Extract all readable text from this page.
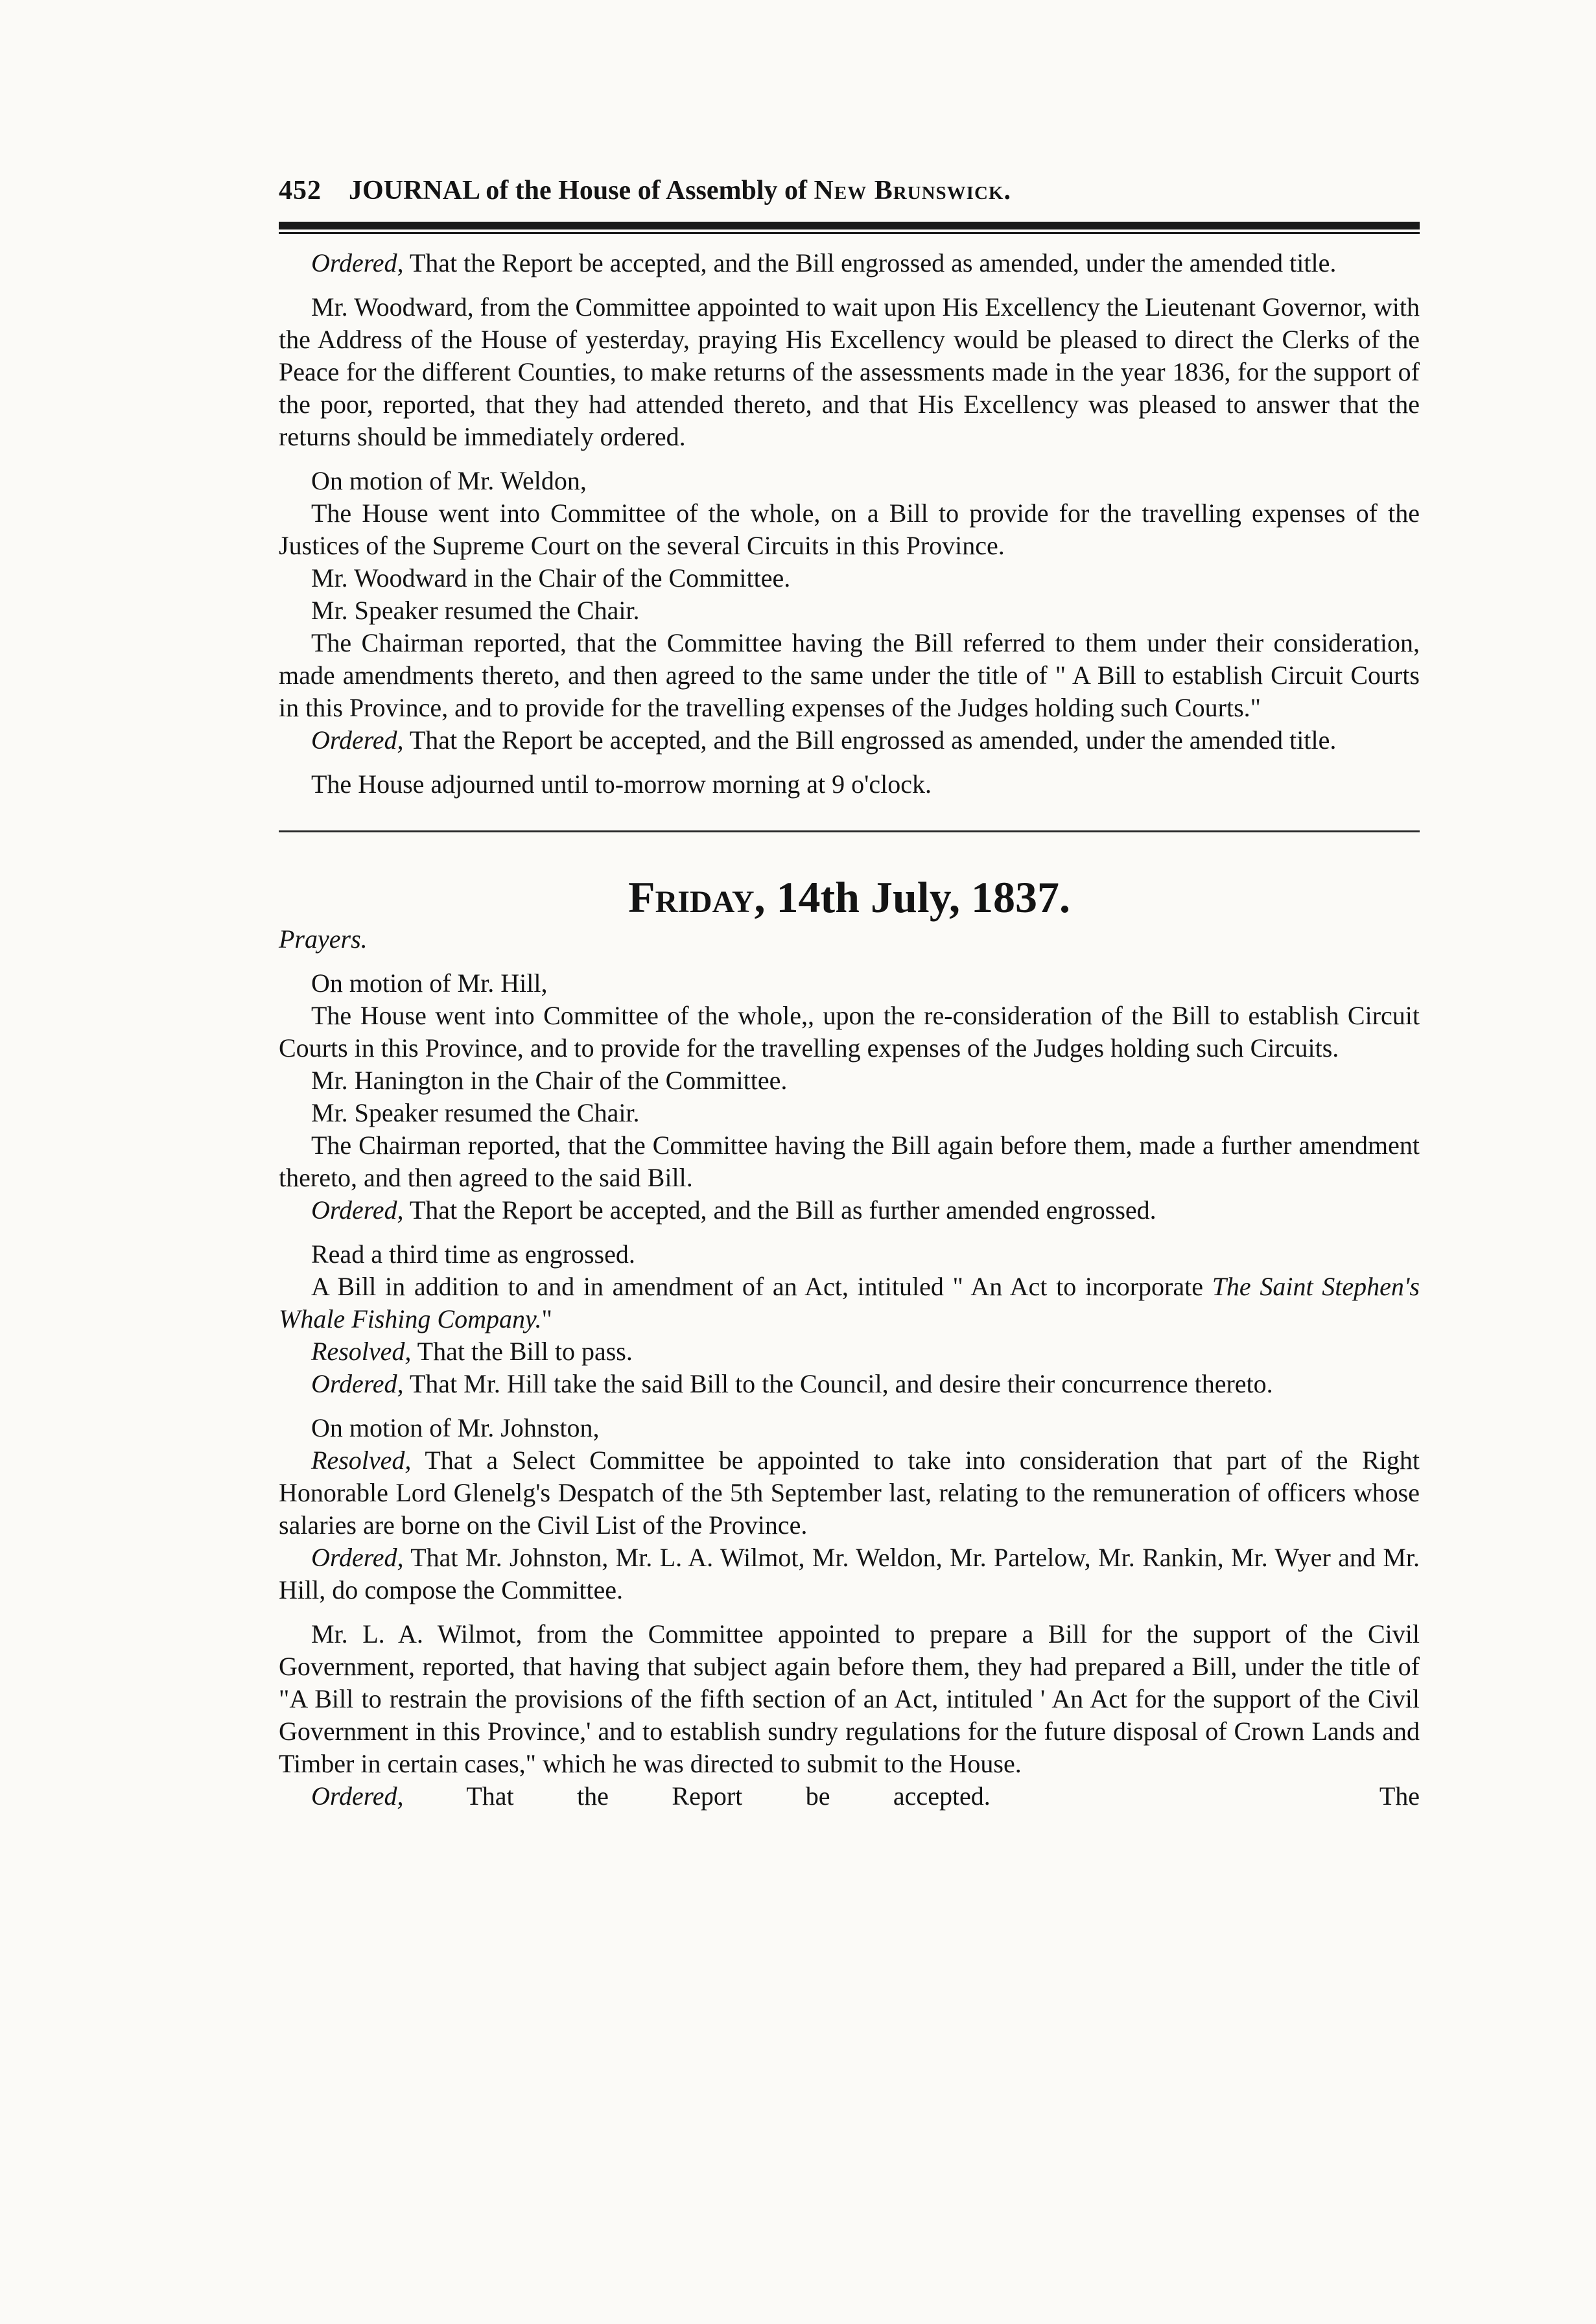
452 JOURNAL of the House of Assembly of New Brunswick.

Ordered, That the Report be accepted, and the Bill engrossed as amended, under the amended title.

Mr. Woodward, from the Committee appointed to wait upon His Excellency the Lieutenant Governor, with the Address of the House of yesterday, praying His Excellency would be pleased to direct the Clerks of the Peace for the different Counties, to make returns of the assessments made in the year 1836, for the support of the poor, reported, that they had attended thereto, and that His Excellency was pleased to answer that the returns should be immediately ordered.

On motion of Mr. Weldon,

The House went into Committee of the whole, on a Bill to provide for the travelling expenses of the Justices of the Supreme Court on the several Circuits in this Province.

Mr. Woodward in the Chair of the Committee.

Mr. Speaker resumed the Chair.

The Chairman reported, that the Committee having the Bill referred to them under their consideration, made amendments thereto, and then agreed to the same under the title of " A Bill to establish Circuit Courts in this Province, and to provide for the travelling expenses of the Judges holding such Courts."

Ordered, That the Report be accepted, and the Bill engrossed as amended, under the amended title.

The House adjourned until to-morrow morning at 9 o'clock.

Friday, 14th July, 1837.
Prayers.

On motion of Mr. Hill,

The House went into Committee of the whole,, upon the re-consideration of the Bill to establish Circuit Courts in this Province, and to provide for the travelling expenses of the Judges holding such Circuits.

Mr. Hanington in the Chair of the Committee.

Mr. Speaker resumed the Chair.

The Chairman reported, that the Committee having the Bill again before them, made a further amendment thereto, and then agreed to the said Bill.

Ordered, That the Report be accepted, and the Bill as further amended engrossed.

Read a third time as engrossed.

A Bill in addition to and in amendment of an Act, intituled " An Act to incorporate The Saint Stephen's Whale Fishing Company."

Resolved, That the Bill to pass.

Ordered, That Mr. Hill take the said Bill to the Council, and desire their concurrence thereto.

On motion of Mr. Johnston,

Resolved, That a Select Committee be appointed to take into consideration that part of the Right Honorable Lord Glenelg's Despatch of the 5th September last, relating to the remuneration of officers whose salaries are borne on the Civil List of the Province.

Ordered, That Mr. Johnston, Mr. L. A. Wilmot, Mr. Weldon, Mr. Partelow, Mr. Rankin, Mr. Wyer and Mr. Hill, do compose the Committee.

Mr. L. A. Wilmot, from the Committee appointed to prepare a Bill for the support of the Civil Government, reported, that having that subject again before them, they had prepared a Bill, under the title of "A Bill to restrain the provisions of the fifth section of an Act, intituled ' An Act for the support of the Civil Government in this Province,' and to establish sundry regulations for the future disposal of Crown Lands and Timber in certain cases," which he was directed to submit to the House.

Ordered, That the Report be accepted.	The
